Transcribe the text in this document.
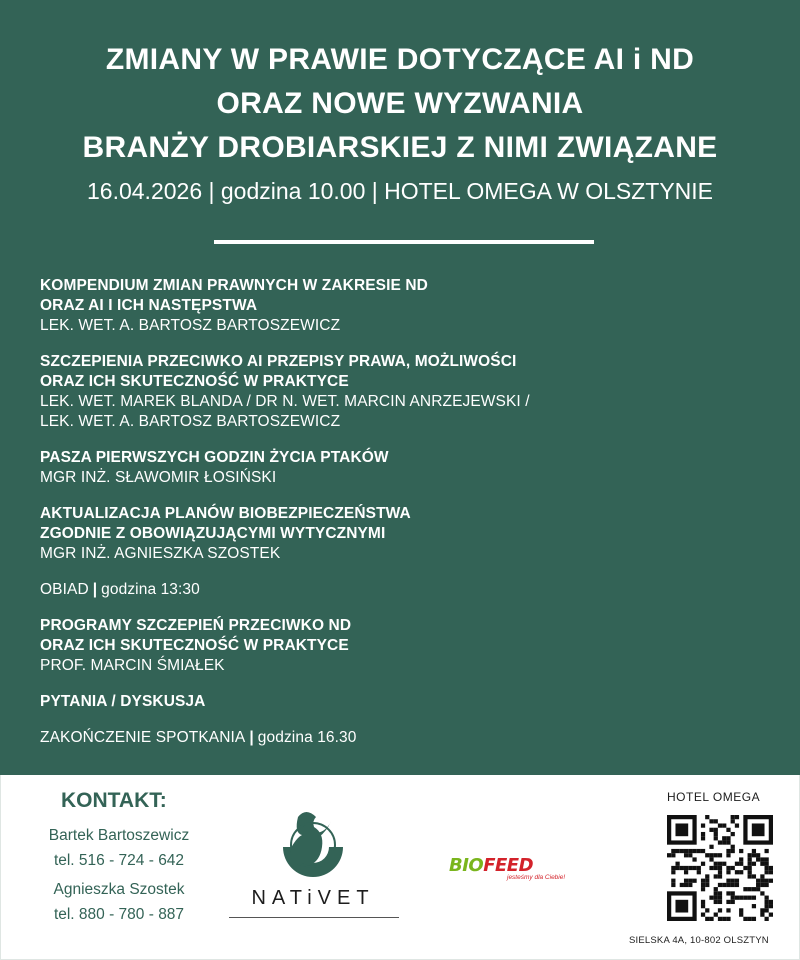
ZMIANY W PRAWIE DOTYCZĄCE AI i ND
ORAZ NOWE WYZWANIA
BRANŻY DROBIARSKIEJ Z NIMI ZWIĄZANE
16.04.2026 | godzina 10.00 | HOTEL OMEGA W OLSZTYNIE
KOMPENDIUM ZMIAN PRAWNYCH W ZAKRESIE ND
ORAZ AI I ICH NASTĘPSTWA
LEK. WET. A. BARTOSZ BARTOSZEWICZ
SZCZEPIENIA PRZECIWKO AI PRZEPISY PRAWA, MOŻLIWOŚCI
ORAZ ICH SKUTECZNOŚĆ W PRAKTYCE
LEK. WET. MAREK BLANDA / DR N. WET. MARCIN ANRZEJEWSKI /
LEK. WET. A. BARTOSZ BARTOSZEWICZ
PASZA PIERWSZYCH GODZIN ŻYCIA PTAKÓW
MGR INŻ. SŁAWOMIR ŁOSIŃSKI
AKTUALIZACJA PLANÓW BIOBEZPIECZEŃSTWA
ZGODNIE Z OBOWIĄZUJĄCYMI WYTYCZNYMI
MGR INŻ. AGNIESZKA SZOSTEK
OBIAD | godzina 13:30
PROGRAMY SZCZEPIEŃ PRZECIWKO ND
ORAZ ICH SKUTECZNOŚĆ W PRAKTYCE
PROF. MARCIN ŚMIAŁEK
PYTANIA / DYSKUSJA
ZAKOŃCZENIE SPOTKANIA | godzina 16.30
KONTAKT:
Bartek Bartoszewicz
tel. 516 - 724 - 642
Agnieszka Szostek
tel. 880 - 780 - 887
NATiVET
BIOFEED
jesteśmy dla Ciebie!
HOTEL OMEGA
SIELSKA 4A, 10-802 OLSZTYN
